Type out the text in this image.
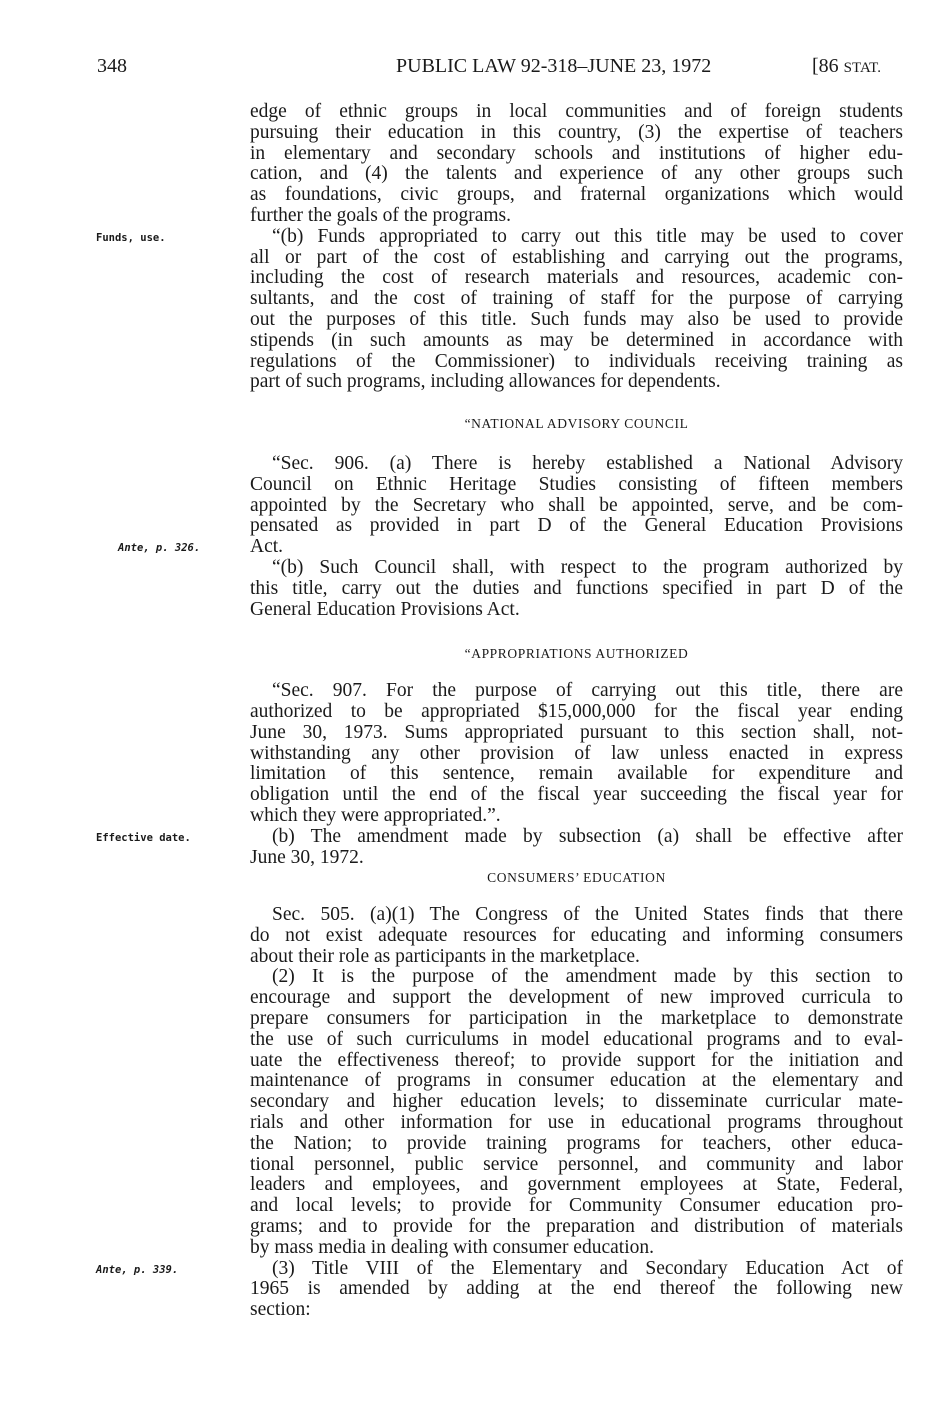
348	PUBLIC LAW 92-318–JUNE 23, 1972	[86 STAT.
edge of ethnic groups in local communities and of foreign students
pursuing their education in this country, (3) the expertise of teachers
in elementary and secondary schools and institutions of higher edu-
cation, and (4) the talents and experience of any other groups such
as foundations, civic groups, and fraternal organizations which would
further the goals of the programs.
“(b) Funds appropriated to carry out this title may be used to cover
Funds, use.
all or part of the cost of establishing and carrying out the programs,
including the cost of research materials and resources, academic con-
sultants, and the cost of training of staff for the purpose of carrying
out the purposes of this title. Such funds may also be used to provide
stipends (in such amounts as may be determined in accordance with
regulations of the Commissioner) to individuals receiving training as
part of such programs, including allowances for dependents.
“NATIONAL ADVISORY COUNCIL
“Sec. 906. (a) There is hereby established a National Advisory
Council on Ethnic Heritage Studies consisting of fifteen members
appointed by the Secretary who shall be appointed, serve, and be com-
pensated as provided in part D of the General Education Provisions
Act.
Ante, p. 326.
“(b) Such Council shall, with respect to the program authorized by
this title, carry out the duties and functions specified in part D of the
General Education Provisions Act.
“APPROPRIATIONS AUTHORIZED
“Sec. 907. For the purpose of carrying out this title, there are
authorized to be appropriated $15,000,000 for the fiscal year ending
June 30, 1973. Sums appropriated pursuant to this section shall, not-
withstanding any other provision of law unless enacted in express
limitation of this sentence, remain available for expenditure and
obligation until the end of the fiscal year succeeding the fiscal year for
which they were appropriated.”.
(b) The amendment made by subsection (a) shall be effective after
Effective date.
June 30, 1972.
CONSUMERS’ EDUCATION
Sec. 505. (a)(1) The Congress of the United States finds that there
do not exist adequate resources for educating and informing consumers
about their role as participants in the marketplace.
(2) It is the purpose of the amendment made by this section to
encourage and support the development of new improved curricula to
prepare consumers for participation in the marketplace to demonstrate
the use of such curriculums in model educational programs and to eval-
uate the effectiveness thereof; to provide support for the initiation and
maintenance of programs in consumer education at the elementary and
secondary and higher education levels; to disseminate curricular mate-
rials and other information for use in educational programs throughout
the Nation; to provide training programs for teachers, other educa-
tional personnel, public service personnel, and community and labor
leaders and employees, and government employees at State, Federal,
and local levels; to provide for Community Consumer education pro-
grams; and to provide for the preparation and distribution of materials
by mass media in dealing with consumer education.
(3) Title VIII of the Elementary and Secondary Education Act of
Ante, p. 339.
1965 is amended by adding at the end thereof the following new
section:
